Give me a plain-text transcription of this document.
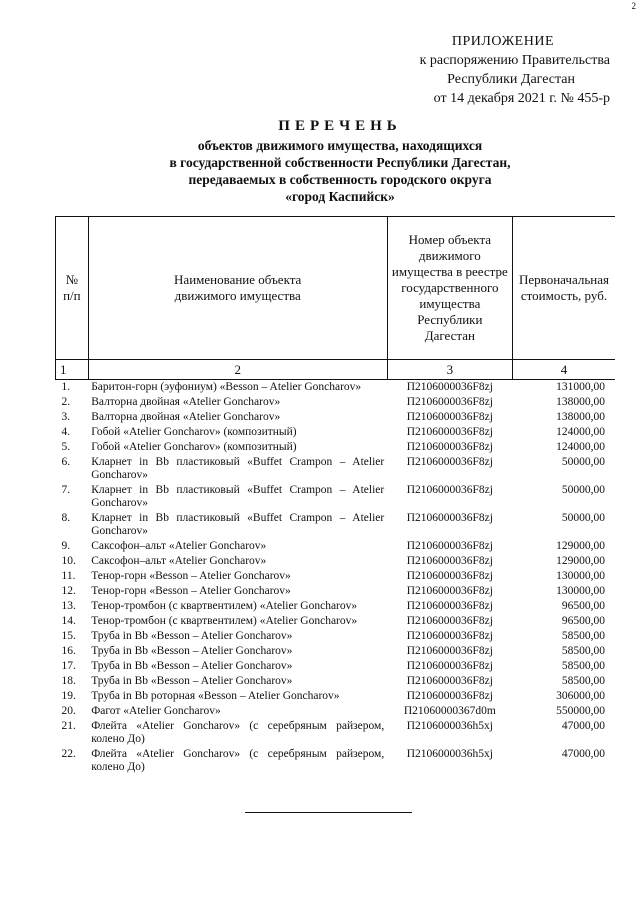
2
ПРИЛОЖЕНИЕ
к распоряжению Правительства
Республики Дагестан
от 14 декабря 2021 г. № 455-р
ПЕРЕЧЕНЬ
объектов движимого имущества, находящихся
в государственной собственности Республики Дагестан,
передаваемых в собственность городского округа
«город Каспийск»
№ п/п	Наименование объекта движимого имущества	Номер объекта движимого имущества в реестре государственного имущества Республики Дагестан	Первоначальная стоимость, руб.
1	2	3	4
1.	Баритон-горн (эуфониум) «Besson – Atelier Goncharov»	П2106000036F8zj	131000,00
2.	Валторна двойная «Atelier Goncharov»	П2106000036F8zj	138000,00
3.	Валторна двойная «Atelier Goncharov»	П2106000036F8zj	138000,00
4.	Гобой «Atelier Goncharov» (композитный)	П2106000036F8zj	124000,00
5.	Гобой «Atelier Goncharov» (композитный)	П2106000036F8zj	124000,00
6.	Кларнет in Bb пластиковый «Buffet Crampon – Atelier Goncharov»	П2106000036F8zj	50000,00
7.	Кларнет in Bb пластиковый «Buffet Crampon – Atelier Goncharov»	П2106000036F8zj	50000,00
8.	Кларнет in Bb пластиковый «Buffet Crampon – Atelier Goncharov»	П2106000036F8zj	50000,00
9.	Саксофон–альт «Atelier Goncharov»	П2106000036F8zj	129000,00
10.	Саксофон–альт «Atelier Goncharov»	П2106000036F8zj	129000,00
11.	Тенор-горн «Besson – Atelier Goncharov»	П2106000036F8zj	130000,00
12.	Тенор-горн «Besson – Atelier Goncharov»	П2106000036F8zj	130000,00
13.	Тенор-тромбон (с квартвентилем) «Atelier Goncharov»	П2106000036F8zj	96500,00
14.	Тенор-тромбон (с квартвентилем) «Atelier Goncharov»	П2106000036F8zj	96500,00
15.	Труба in Bb «Besson – Atelier Goncharov»	П2106000036F8zj	58500,00
16.	Труба in Bb «Besson – Atelier Goncharov»	П2106000036F8zj	58500,00
17.	Труба in Bb «Besson – Atelier Goncharov»	П2106000036F8zj	58500,00
18.	Труба in Bb «Besson – Atelier Goncharov»	П2106000036F8zj	58500,00
19.	Труба in Bb роторная «Besson – Atelier Goncharov»	П2106000036F8zj	306000,00
20.	Фагот «Atelier Goncharov»	П21060000367d0m	550000,00
21.	Флейта «Atelier Goncharov» (с серебряным райзером, колено До)	П2106000036h5xj	47000,00
22.	Флейта «Atelier Goncharov» (с серебряным райзером, колено До)	П2106000036h5xj	47000,00
